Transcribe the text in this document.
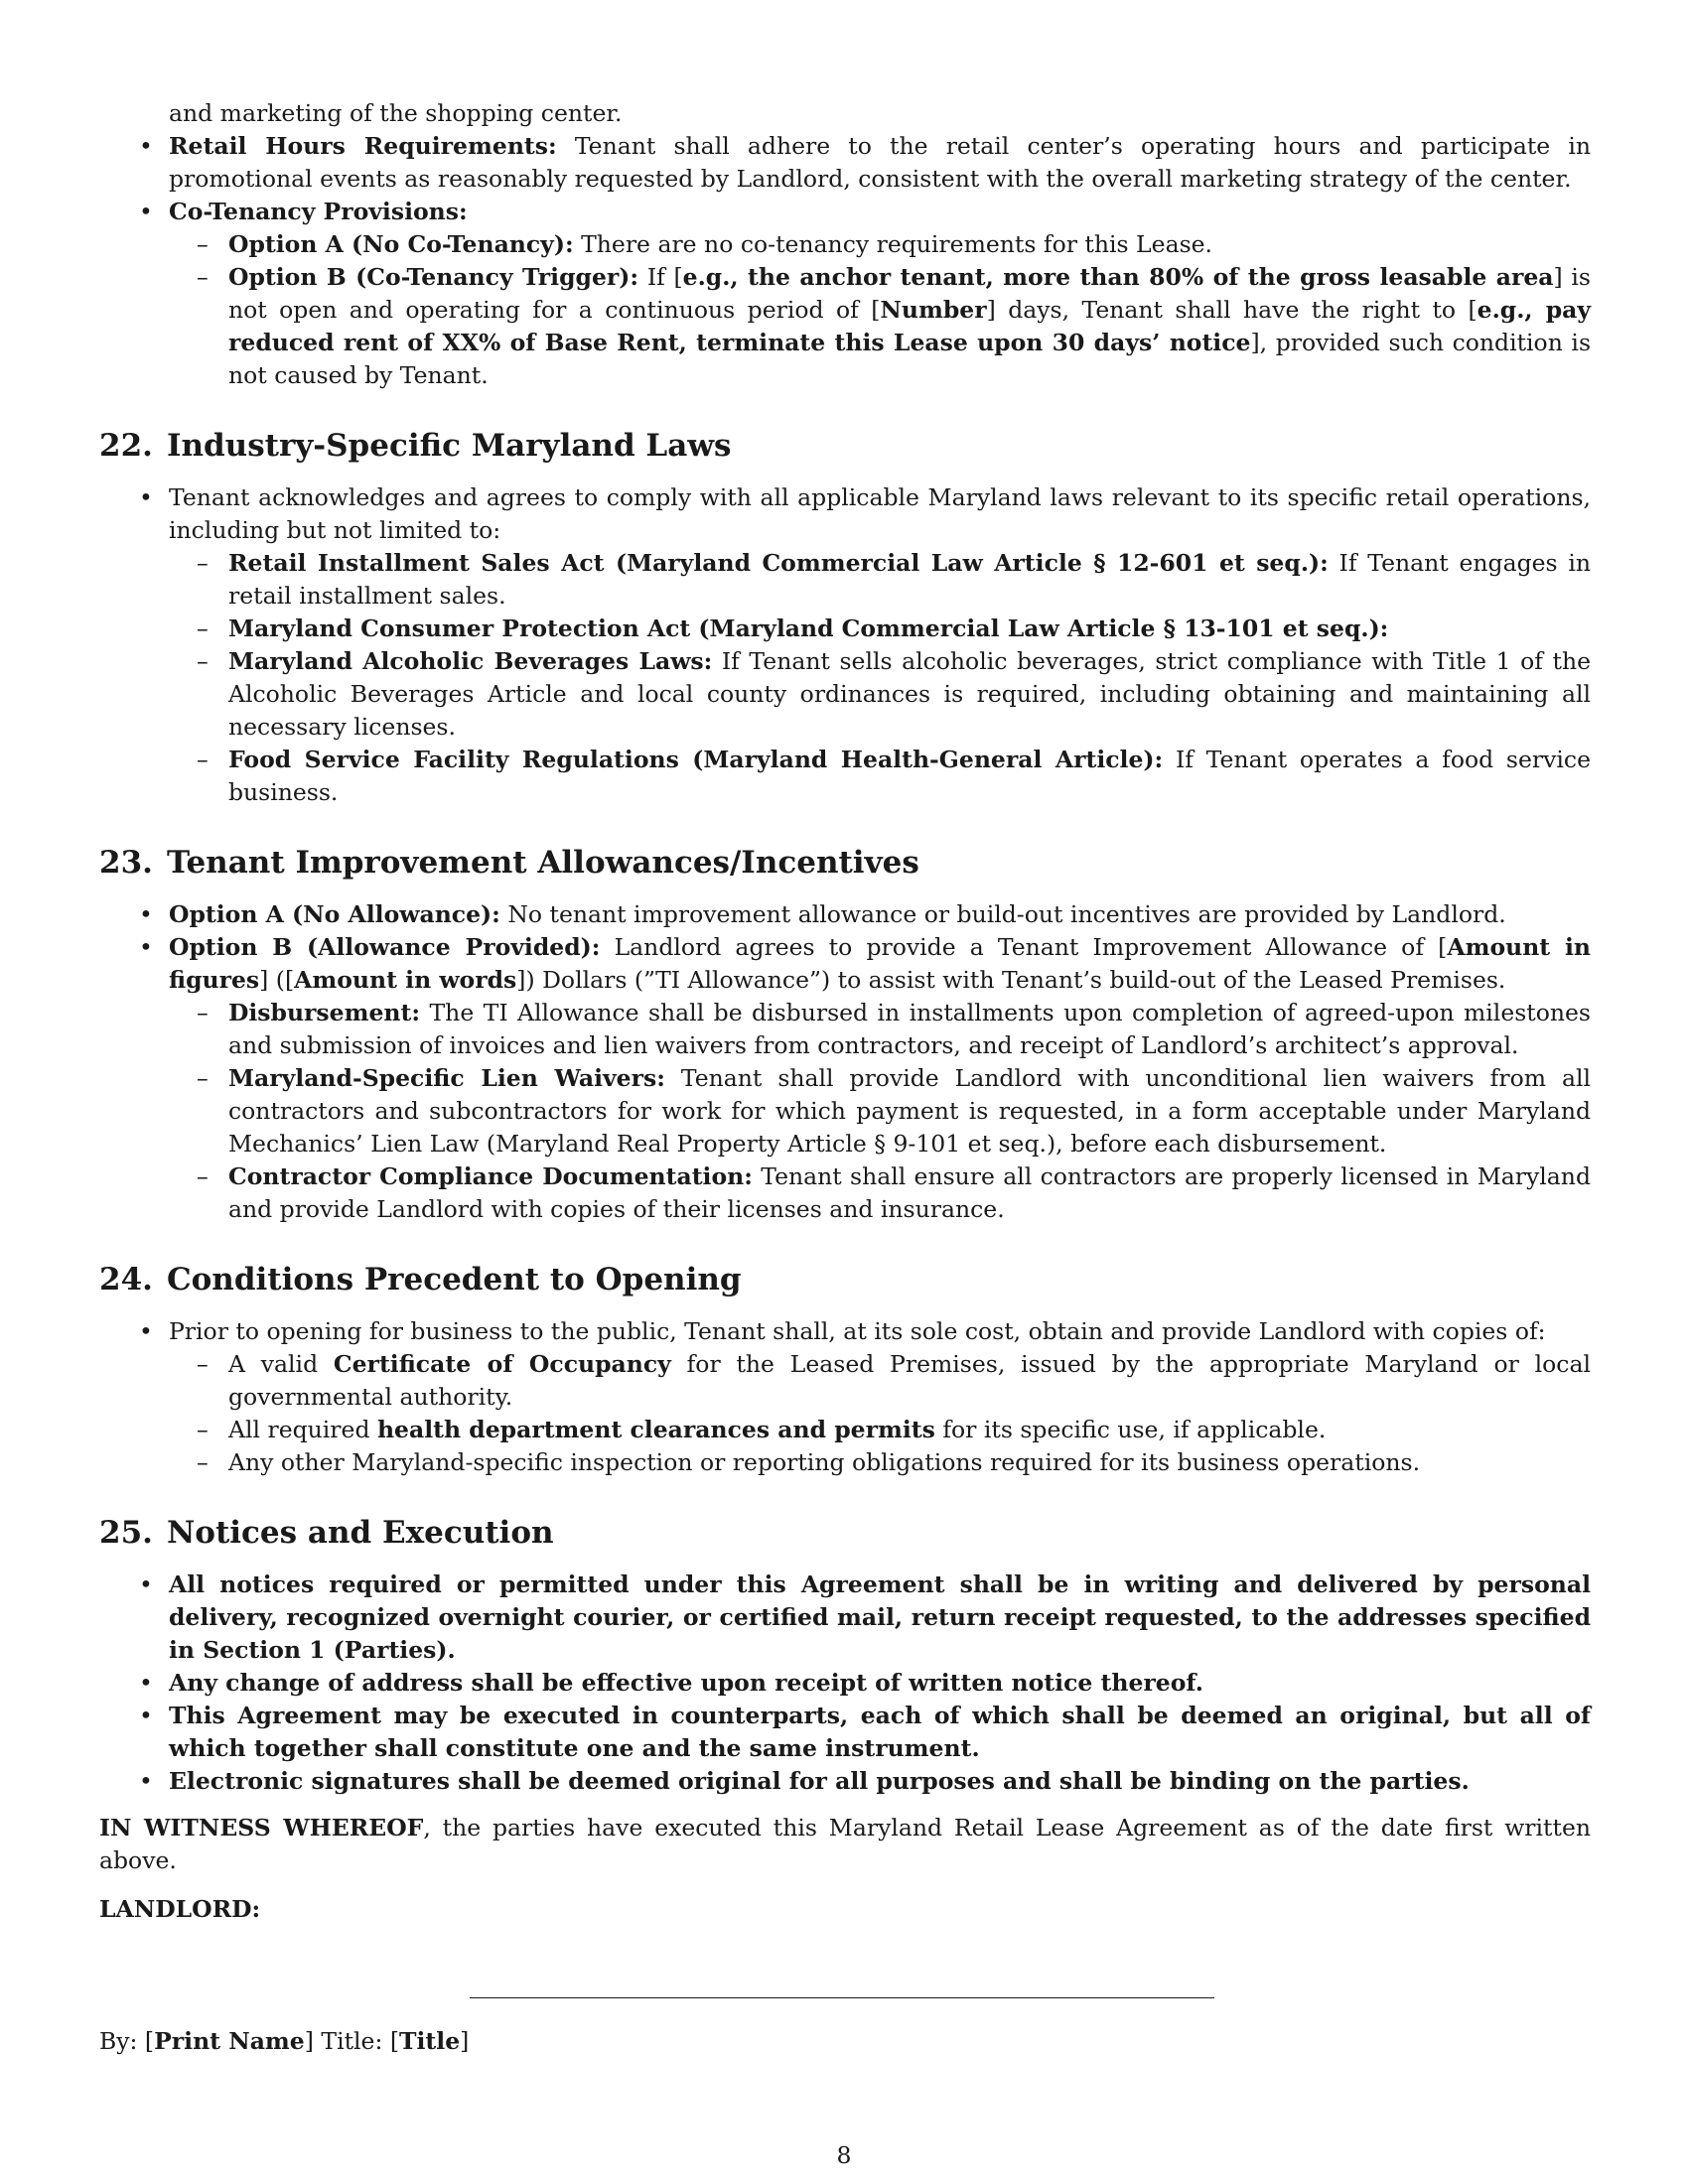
and marketing of the shopping center.

• Retail Hours Requirements: Tenant shall adhere to the retail center’s operating hours and participate in promotional events as reasonably requested by Landlord, consistent with the overall marketing strategy of the center.
• Co-Tenancy Provisions:
– Option A (No Co-Tenancy): There are no co-tenancy requirements for this Lease.
– Option B (Co-Tenancy Trigger): If [e.g., the anchor tenant, more than 80% of the gross leasable area] is not open and operating for a continuous period of [Number] days, Tenant shall have the right to [e.g., pay reduced rent of XX% of Base Rent, terminate this Lease upon 30 days’ notice], provided such condition is not caused by Tenant.
22. Industry-Specific Maryland Laws
• Tenant acknowledges and agrees to comply with all applicable Maryland laws relevant to its specific retail operations, including but not limited to:
– Retail Installment Sales Act (Maryland Commercial Law Article § 12-601 et seq.): If Tenant engages in retail installment sales.
– Maryland Consumer Protection Act (Maryland Commercial Law Article § 13-101 et seq.):
– Maryland Alcoholic Beverages Laws: If Tenant sells alcoholic beverages, strict compliance with Title 1 of the Alcoholic Beverages Article and local county ordinances is required, including obtaining and maintaining all necessary licenses.
– Food Service Facility Regulations (Maryland Health-General Article): If Tenant operates a food service business.
23. Tenant Improvement Allowances/Incentives
• Option A (No Allowance): No tenant improvement allowance or build-out incentives are provided by Landlord.
• Option B (Allowance Provided): Landlord agrees to provide a Tenant Improvement Allowance of [Amount in figures] ([Amount in words]) Dollars (”TI Allowance”) to assist with Tenant’s build-out of the Leased Premises.
– Disbursement: The TI Allowance shall be disbursed in installments upon completion of agreed-upon milestones and submission of invoices and lien waivers from contractors, and receipt of Landlord’s architect’s approval.
– Maryland-Specific Lien Waivers: Tenant shall provide Landlord with unconditional lien waivers from all contractors and subcontractors for work for which payment is requested, in a form acceptable under Maryland Mechanics’ Lien Law (Maryland Real Property Article § 9-101 et seq.), before each disbursement.
– Contractor Compliance Documentation: Tenant shall ensure all contractors are properly licensed in Maryland and provide Landlord with copies of their licenses and insurance.
24. Conditions Precedent to Opening
• Prior to opening for business to the public, Tenant shall, at its sole cost, obtain and provide Landlord with copies of:
– A valid Certificate of Occupancy for the Leased Premises, issued by the appropriate Maryland or local governmental authority.
– All required health department clearances and permits for its specific use, if applicable.
– Any other Maryland-specific inspection or reporting obligations required for its business operations.
25. Notices and Execution
• All notices required or permitted under this Agreement shall be in writing and delivered by personal delivery, recognized overnight courier, or certified mail, return receipt requested, to the addresses specified in Section 1 (Parties).
• Any change of address shall be effective upon receipt of written notice thereof.
• This Agreement may be executed in counterparts, each of which shall be deemed an original, but all of which together shall constitute one and the same instrument.
• Electronic signatures shall be deemed original for all purposes and shall be binding on the parties.

IN WITNESS WHEREOF, the parties have executed this Maryland Retail Lease Agreement as of the date first written above.

LANDLORD:

By: [Print Name] Title: [Title]
8
